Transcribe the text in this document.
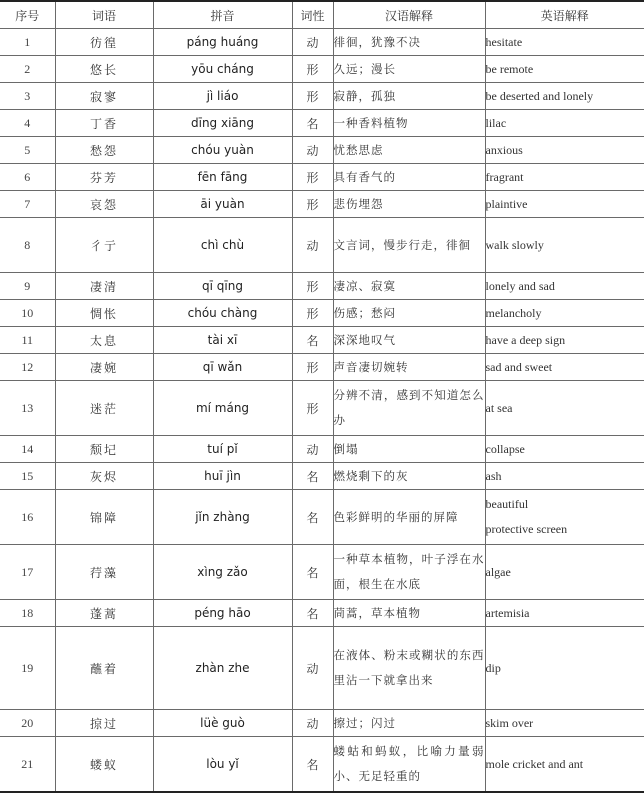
序号	词语	拼音	词性	汉语解释	英语解释
1	彷徨	páng huáng	动	徘徊，犹豫不决	hesitate
2	悠长	yōu cháng	形	久远；漫长	be remote
3	寂寥	jì liáo	形	寂静，孤独	be deserted and lonely
4	丁香	dīng xiāng	名	一种香料植物	lilac
5	愁怨	chóu yuàn	动	忧愁思虑	anxious
6	芬芳	fēn fāng	形	具有香气的	fragrant
7	哀怨	āi yuàn	形	悲伤埋怨	plaintive
8	彳亍	chì chù	动	文言词，慢步行走，徘徊	walk slowly
9	凄清	qī qīng	形	凄凉、寂寞	lonely and sad
10	惆怅	chóu chàng	形	伤感；愁闷	melancholy
11	太息	tài xī	名	深深地叹气	have a deep sign
12	凄婉	qī wǎn	形	声音凄切婉转	sad and sweet
13	迷茫	mí máng	形	分辨不清，感到不知道怎么办	at sea
14	颓圮	tuí pǐ	动	倒塌	collapse
15	灰烬	huī jìn	名	燃烧剩下的灰	ash
16	锦障	jǐn zhàng	名	色彩鲜明的华丽的屏障	beautiful
protective screen

17	荇藻	xìng zǎo	名	一种草本植物，叶子浮在水面，根生在水底	algae
18	蓬蒿	péng hāo	名	茼蒿，草本植物	artemisia
19	蘸着	zhàn zhe	动	在液体、粉末或糊状的东西里沾一下就拿出来	dip
20	掠过	lüè guò	动	擦过；闪过	skim over
21	蝼蚁	lòu yǐ	名	蝼蛄和蚂蚁，比喻力量弱小、无足轻重的	mole cricket and ant
